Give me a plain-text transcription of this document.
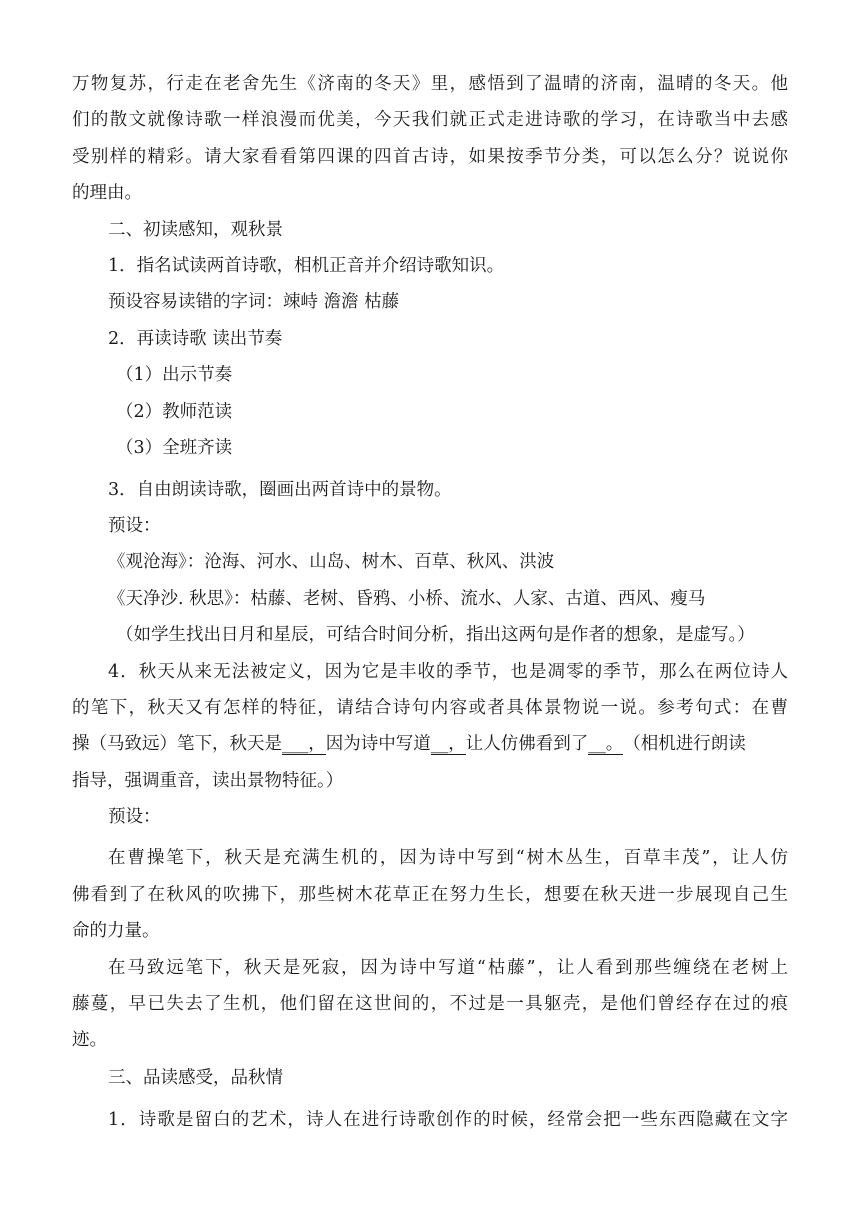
万物复苏，行走在老舍先生《济南的冬天》里，感悟到了温晴的济南，温晴的冬天。他
们的散文就像诗歌一样浪漫而优美，今天我们就正式走进诗歌的学习，在诗歌当中去感
受别样的精彩。请大家看看第四课的四首古诗，如果按季节分类，可以怎么分？说说你
的理由。
二、初读感知，观秋景
1．指名试读两首诗歌，相机正音并介绍诗歌知识。
预设容易读错的字词：竦峙 澹澹 枯藤
2．再读诗歌 读出节奏
（1）出示节奏
（2）教师范读
（3）全班齐读
3．自由朗读诗歌，圈画出两首诗中的景物。
预设：
《观沧海》：沧海、河水、山岛、树木、百草、秋风、洪波
《天净沙. 秋思》：枯藤、老树、昏鸦、小桥、流水、人家、古道、西风、瘦马
（如学生找出日月和星辰，可结合时间分析，指出这两句是作者的想象，是虚写。）
4．秋天从来无法被定义，因为它是丰收的季节，也是凋零的季节，那么在两位诗人
的笔下，秋天又有怎样的特征，请结合诗句内容或者具体景物说一说。参考句式：在曹
操（马致远）笔下，秋天是___，因为诗中写道__，让人仿佛看到了__。（相机进行朗读
指导，强调重音，读出景物特征。）
预设：
在曹操笔下，秋天是充满生机的，因为诗中写到“树木丛生，百草丰茂”，让人仿
佛看到了在秋风的吹拂下，那些树木花草正在努力生长，想要在秋天进一步展现自己生
命的力量。
在马致远笔下，秋天是死寂，因为诗中写道“枯藤”，让人看到那些缠绕在老树上
藤蔓，早已失去了生机，他们留在这世间的，不过是一具躯壳，是他们曾经存在过的痕
迹。
三、品读感受，品秋情
1．诗歌是留白的艺术，诗人在进行诗歌创作的时候，经常会把一些东西隐藏在文字
